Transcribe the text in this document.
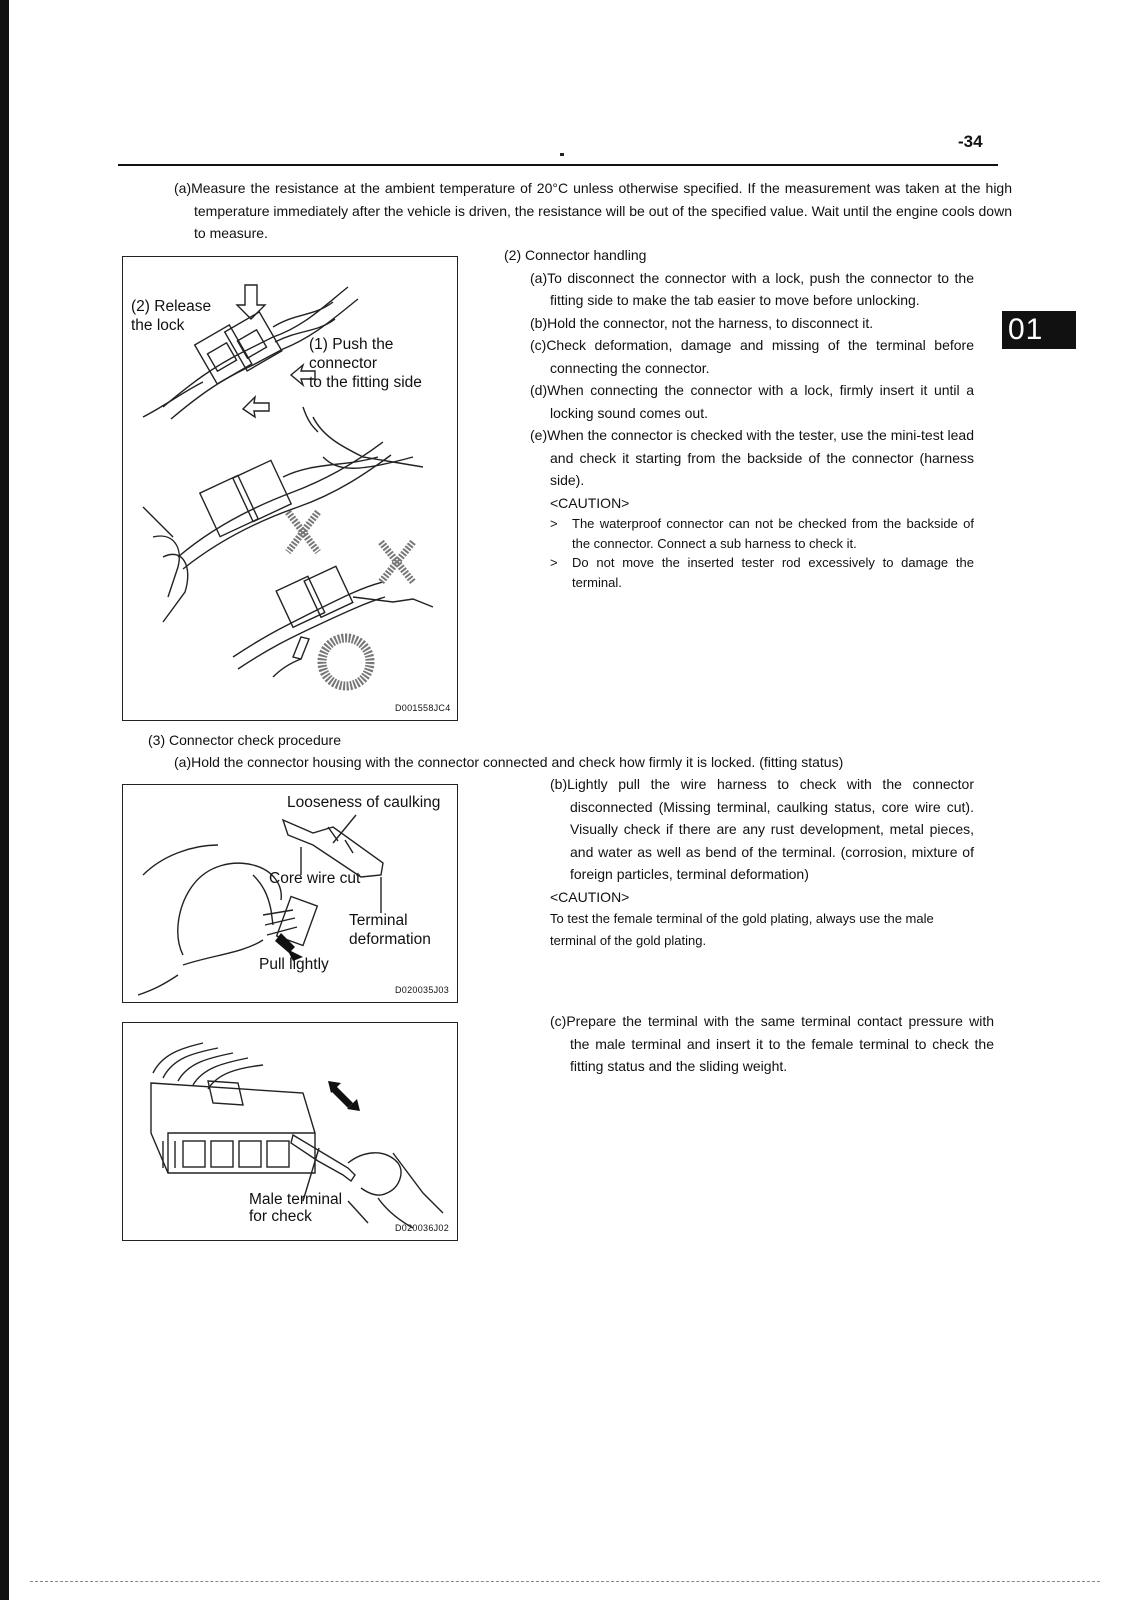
-34
01
(a)Measure the resistance at the ambient temperature of 20°C unless otherwise specified. If the measurement was taken at the high temperature immediately after the vehicle is driven, the resistance will be out of the specified value. Wait until the engine cools down to measure.
(2) Release
the lock
(1) Push the
connector
to the fitting side
D001558JC4
(2) Connector handling
(a)To disconnect the connector with a lock, push the connector to the fitting side to make the tab easier to move before unlocking.
(b)Hold the connector, not the harness, to disconnect it.
(c)Check deformation, damage and missing of the terminal before connecting the connector.
(d)When connecting the connector with a lock, firmly insert it until a locking sound comes out.
(e)When the connector is checked with the tester, use the mini-test lead and check it starting from the backside of the connector (harness side).
<CAUTION>
> The waterproof connector can not be checked from the backside of the connector. Connect a sub harness to check it.
> Do not move the inserted tester rod excessively to damage the terminal.
(3) Connector check procedure
(a)Hold the connector housing with the connector connected and check how firmly it is locked. (fitting status)
Looseness of caulking
Core wire cut
Terminal
deformation
Pull lightly
D020035J03
(b)Lightly pull the wire harness to check with the connector disconnected (Missing terminal, caulking status, core wire cut). Visually check if there are any rust development, metal pieces, and water as well as bend of the terminal. (corrosion, mixture of foreign particles, terminal deformation)
<CAUTION>
To test the female terminal of the gold plating, always use the male terminal of the gold plating.
Male terminal
for check
D020036J02
(c)Prepare the terminal with the same terminal contact pressure with the male terminal and insert it to the female terminal to check the fitting status and the sliding weight.
